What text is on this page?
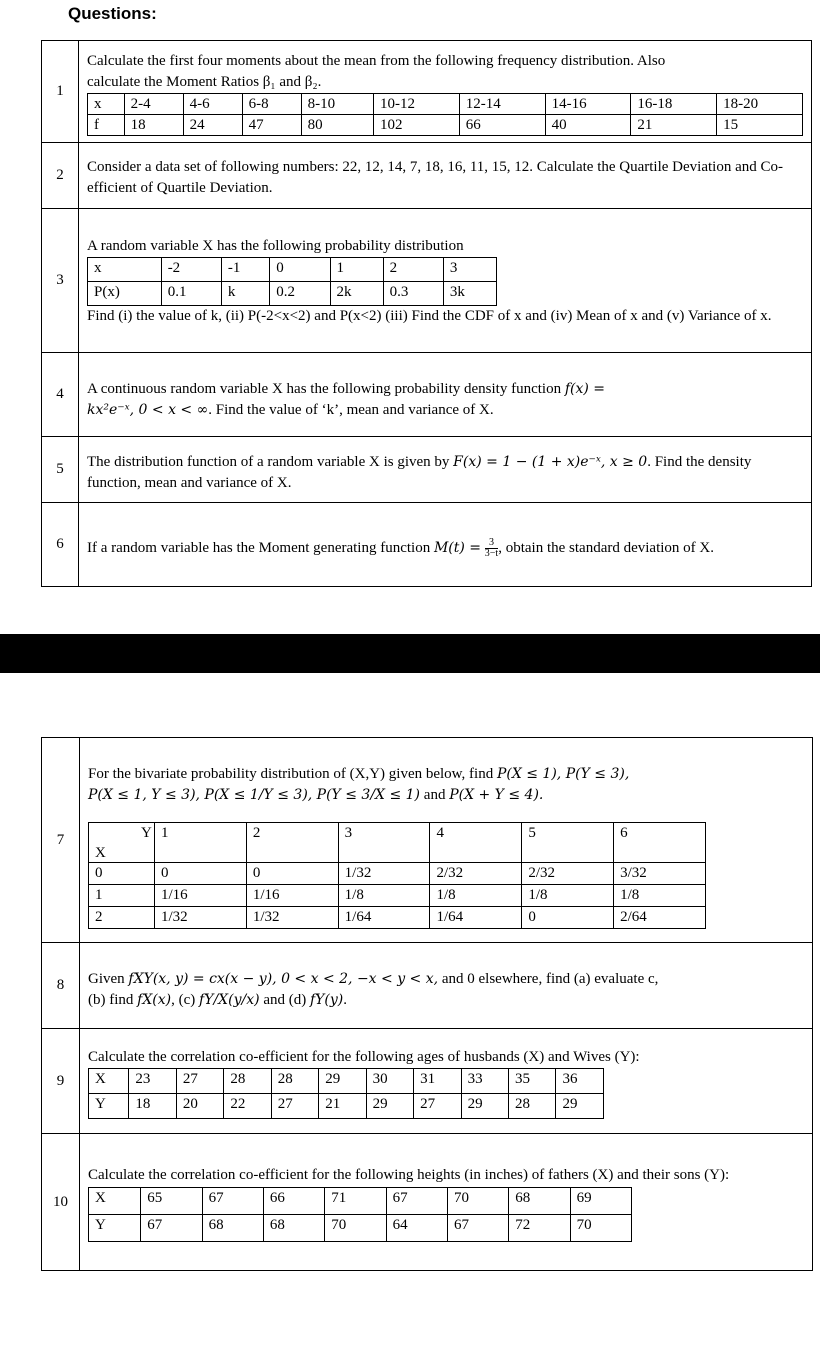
Questions:
1	
Calculate the first four moments about the mean from the following frequency distribution. Also
calculate the Moment Ratios β₁ and β₂.
x	2-4	4-6	6-8	8-10	10-12	12-14	14-16	16-18	18-20
f	18	24	47	80	102	66	40	21	15

2	
Consider a data set of following numbers: 22, 12, 14, 7, 18, 16, 11, 15, 12. Calculate the Quartile Deviation and Co-efficient of Quartile Deviation.

3	
A random variable X has the following probability distribution
x	-2	-1	0	1	2	3
P(x)	0.1	k	0.2	2k	0.3	3k
Find (i) the value of k, (ii) P(-2<x<2) and P(x<2) (iii) Find the CDF of x and (iv) Mean of x and (v) Variance of x.

4	A continuous random variable X has the following probability density function f(x) =
kx²e⁻ˣ, 0 < x < ∞. Find the value of ‘k’, mean and variance of X.
5	The distribution function of a random variable X is given by F(x) = 1 − (1 + x)e⁻ˣ, x ≥ 0. Find the density function, mean and variance of X.
6	If a random variable has the Moment generating function $M(t) = \frac{3}{3-t}$ , obtain the standard deviation of X.
7	For the bivariate probability distribution of (X,Y) given below, find P(X ≤ 1), P(Y ≤ 3),
P(X ≤ 1, Y ≤ 3), P(X ≤ 1/Y ≤ 3), P(Y ≤ 3/X ≤ 1) and P(X + Y ≤ 4).
Y
X
	1	2	3	4	5	6
0	0	0	1/32	2/32	2/32	3/32
1	1/16	1/16	1/8	1/8	1/8	1/8
2	1/32	1/32	1/64	1/64	0	2/64

8	Given fXY(x, y) = cx(x − y), 0 < x < 2, −x < y < x, and 0 elsewhere, find (a) evaluate c,
(b) find fX(x), (c) fY/X(y/x) and (d) fY(y).
9	
Calculate the correlation co-efficient for the following ages of husbands (X) and Wives (Y):
X	23	27	28	28	29	30	31	33	35	36
Y	18	20	22	27	21	29	27	29	28	29

10	
Calculate the correlation co-efficient for the following heights (in inches) of fathers (X) and their sons (Y):
X	65	67	66	71	67	70	68	69
Y	67	68	68	70	64	67	72	70
